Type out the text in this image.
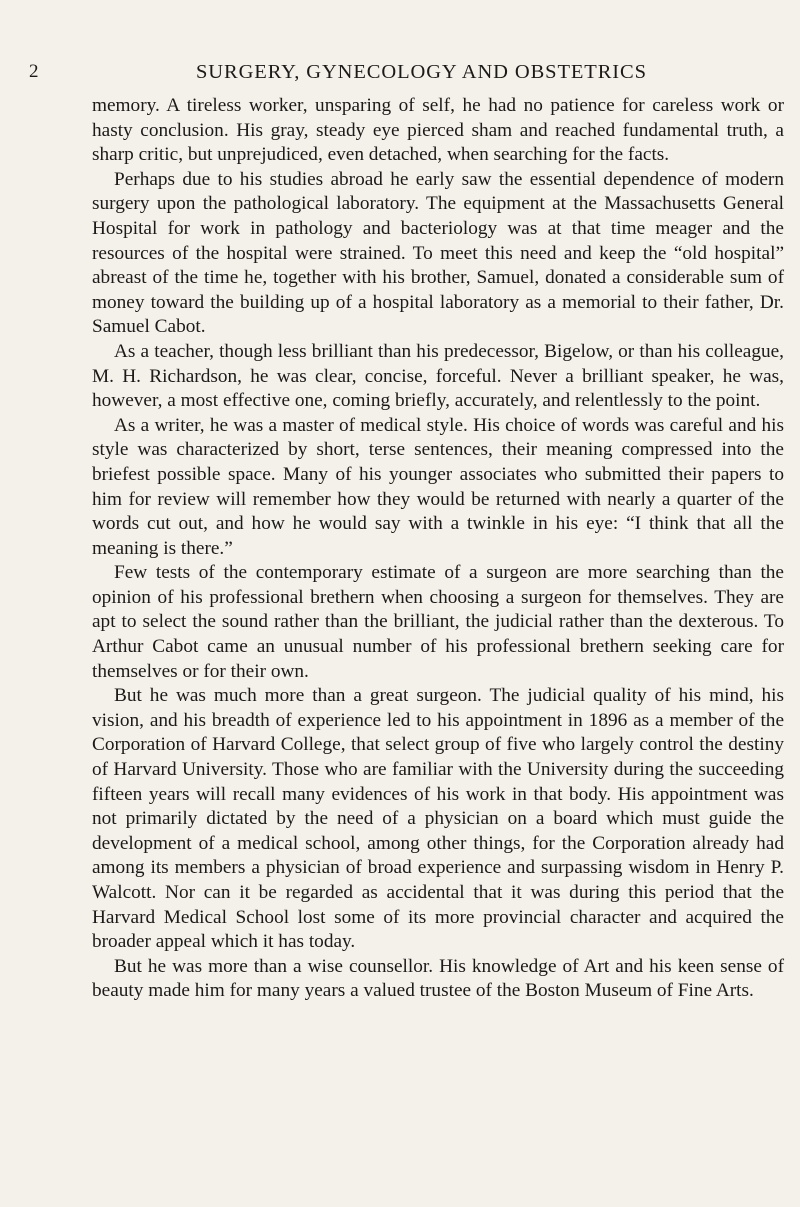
2	SURGERY, GYNECOLOGY AND OBSTETRICS

memory. A tireless worker, unsparing of self, he had no patience for careless work or hasty conclusion. His gray, steady eye pierced sham and reached fundamental truth, a sharp critic, but unprejudiced, even detached, when searching for the facts.

Perhaps due to his studies abroad he early saw the essential dependence of modern surgery upon the pathological laboratory. The equipment at the Massachusetts General Hospital for work in pathology and bacteriology was at that time meager and the resources of the hospital were strained. To meet this need and keep the “old hospital” abreast of the time he, together with his brother, Samuel, donated a considerable sum of money toward the building up of a hospital laboratory as a memorial to their father, Dr. Samuel Cabot.

As a teacher, though less brilliant than his predecessor, Bigelow, or than his colleague, M. H. Richardson, he was clear, concise, forceful. Never a brilliant speaker, he was, however, a most effective one, coming briefly, accurately, and relentlessly to the point.

As a writer, he was a master of medical style. His choice of words was careful and his style was characterized by short, terse sentences, their meaning compressed into the briefest possible space. Many of his younger associates who submitted their papers to him for review will remember how they would be returned with nearly a quarter of the words cut out, and how he would say with a twinkle in his eye: “I think that all the meaning is there.”

Few tests of the contemporary estimate of a surgeon are more searching than the opinion of his professional brethern when choosing a surgeon for themselves. They are apt to select the sound rather than the brilliant, the judicial rather than the dexterous. To Arthur Cabot came an unusual number of his professional brethern seeking care for themselves or for their own.

But he was much more than a great surgeon. The judicial quality of his mind, his vision, and his breadth of experience led to his appointment in 1896 as a member of the Corporation of Harvard College, that select group of five who largely control the destiny of Harvard University. Those who are familiar with the University during the succeeding fifteen years will recall many evidences of his work in that body. His appointment was not primarily dictated by the need of a physician on a board which must guide the development of a medical school, among other things, for the Corporation already had among its members a physician of broad experience and surpassing wisdom in Henry P. Walcott. Nor can it be regarded as accidental that it was during this period that the Harvard Medical School lost some of its more provincial character and acquired the broader appeal which it has today.

But he was more than a wise counsellor. His knowledge of Art and his keen sense of beauty made him for many years a valued trustee of the Boston Museum of Fine Arts.
